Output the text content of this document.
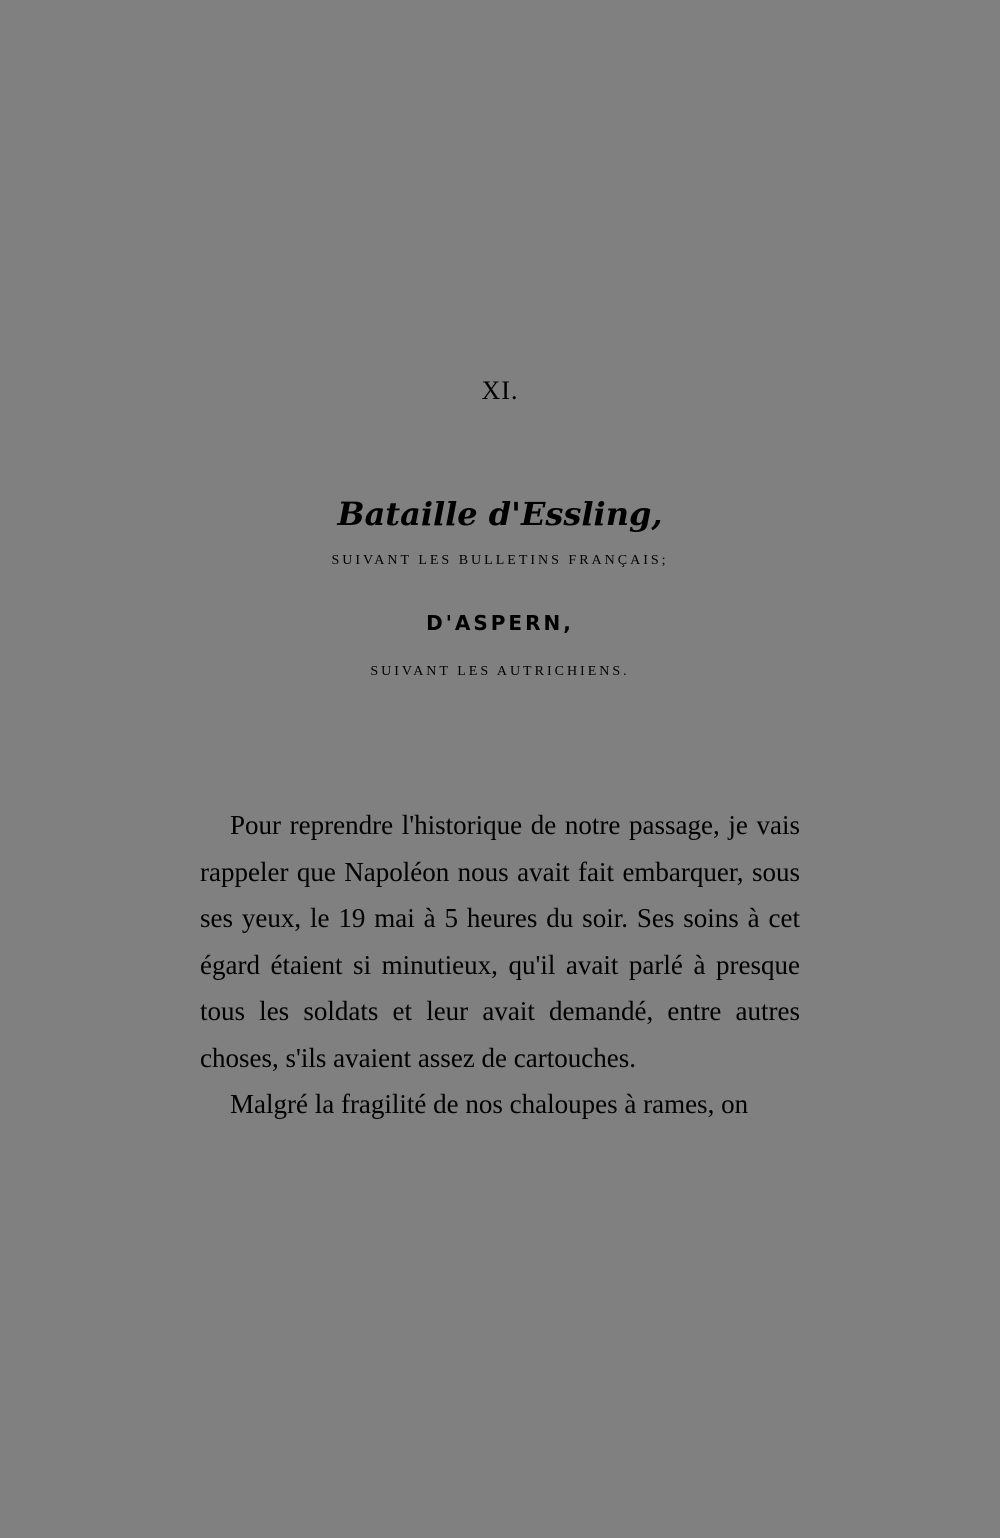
XI.
Bataille d'Essling,
SUIVANT LES BULLETINS FRANÇAIS;
D'ASPERN,
SUIVANT LES AUTRICHIENS.

Pour reprendre l'historique de notre passage, je vais rappeler que Napoléon nous avait fait embarquer, sous ses yeux, le 19 mai à 5 heures du soir. Ses soins à cet égard étaient si minutieux, qu'il avait parlé à presque tous les soldats et leur avait demandé, entre autres choses, s'ils avaient assez de cartouches.

Malgré la fragilité de nos chaloupes à rames, on
